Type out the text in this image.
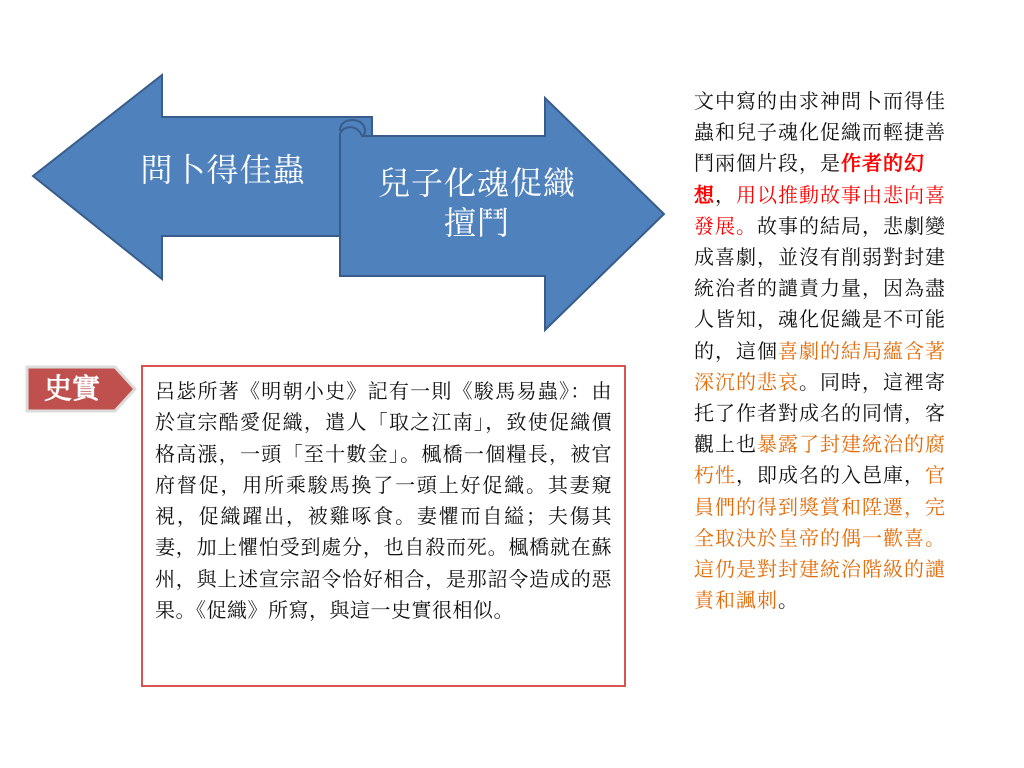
問卜得佳蟲	兒子化魂促織
擅鬥
史實	呂毖所著《明朝小史》記有一則《駿馬易蟲》：由於宣宗酷愛促織，遣人「取之江南」，致使促織價格高漲，一頭「至十數金」。楓橋一個糧長，被官府督促，用所乘駿馬換了一頭上好促織。其妻窺視，促織躍出，被雞啄食。妻懼而自縊；夫傷其妻，加上懼怕受到處分，也自殺而死。楓橋就在蘇州，與上述宣宗詔令恰好相合，是那詔令造成的惡果。《促織》所寫，與這一史實很相似。
文中寫的由求神問卜而得佳蟲和兒子魂化促織而輕捷善鬥兩個片段，是作者的幻想，用以推動故事由悲向喜發展。故事的結局，悲劇變成喜劇，並沒有削弱對封建統治者的譴責力量，因為盡人皆知，魂化促織是不可能的，這個喜劇的結局蘊含著深沉的悲哀。同時，這裡寄托了作者對成名的同情，客觀上也暴露了封建統治的腐朽性，即成名的入邑庫，官員們的得到獎賞和陞遷，完全取決於皇帝的偶一歡喜。這仍是對封建統治階級的譴責和諷刺。
